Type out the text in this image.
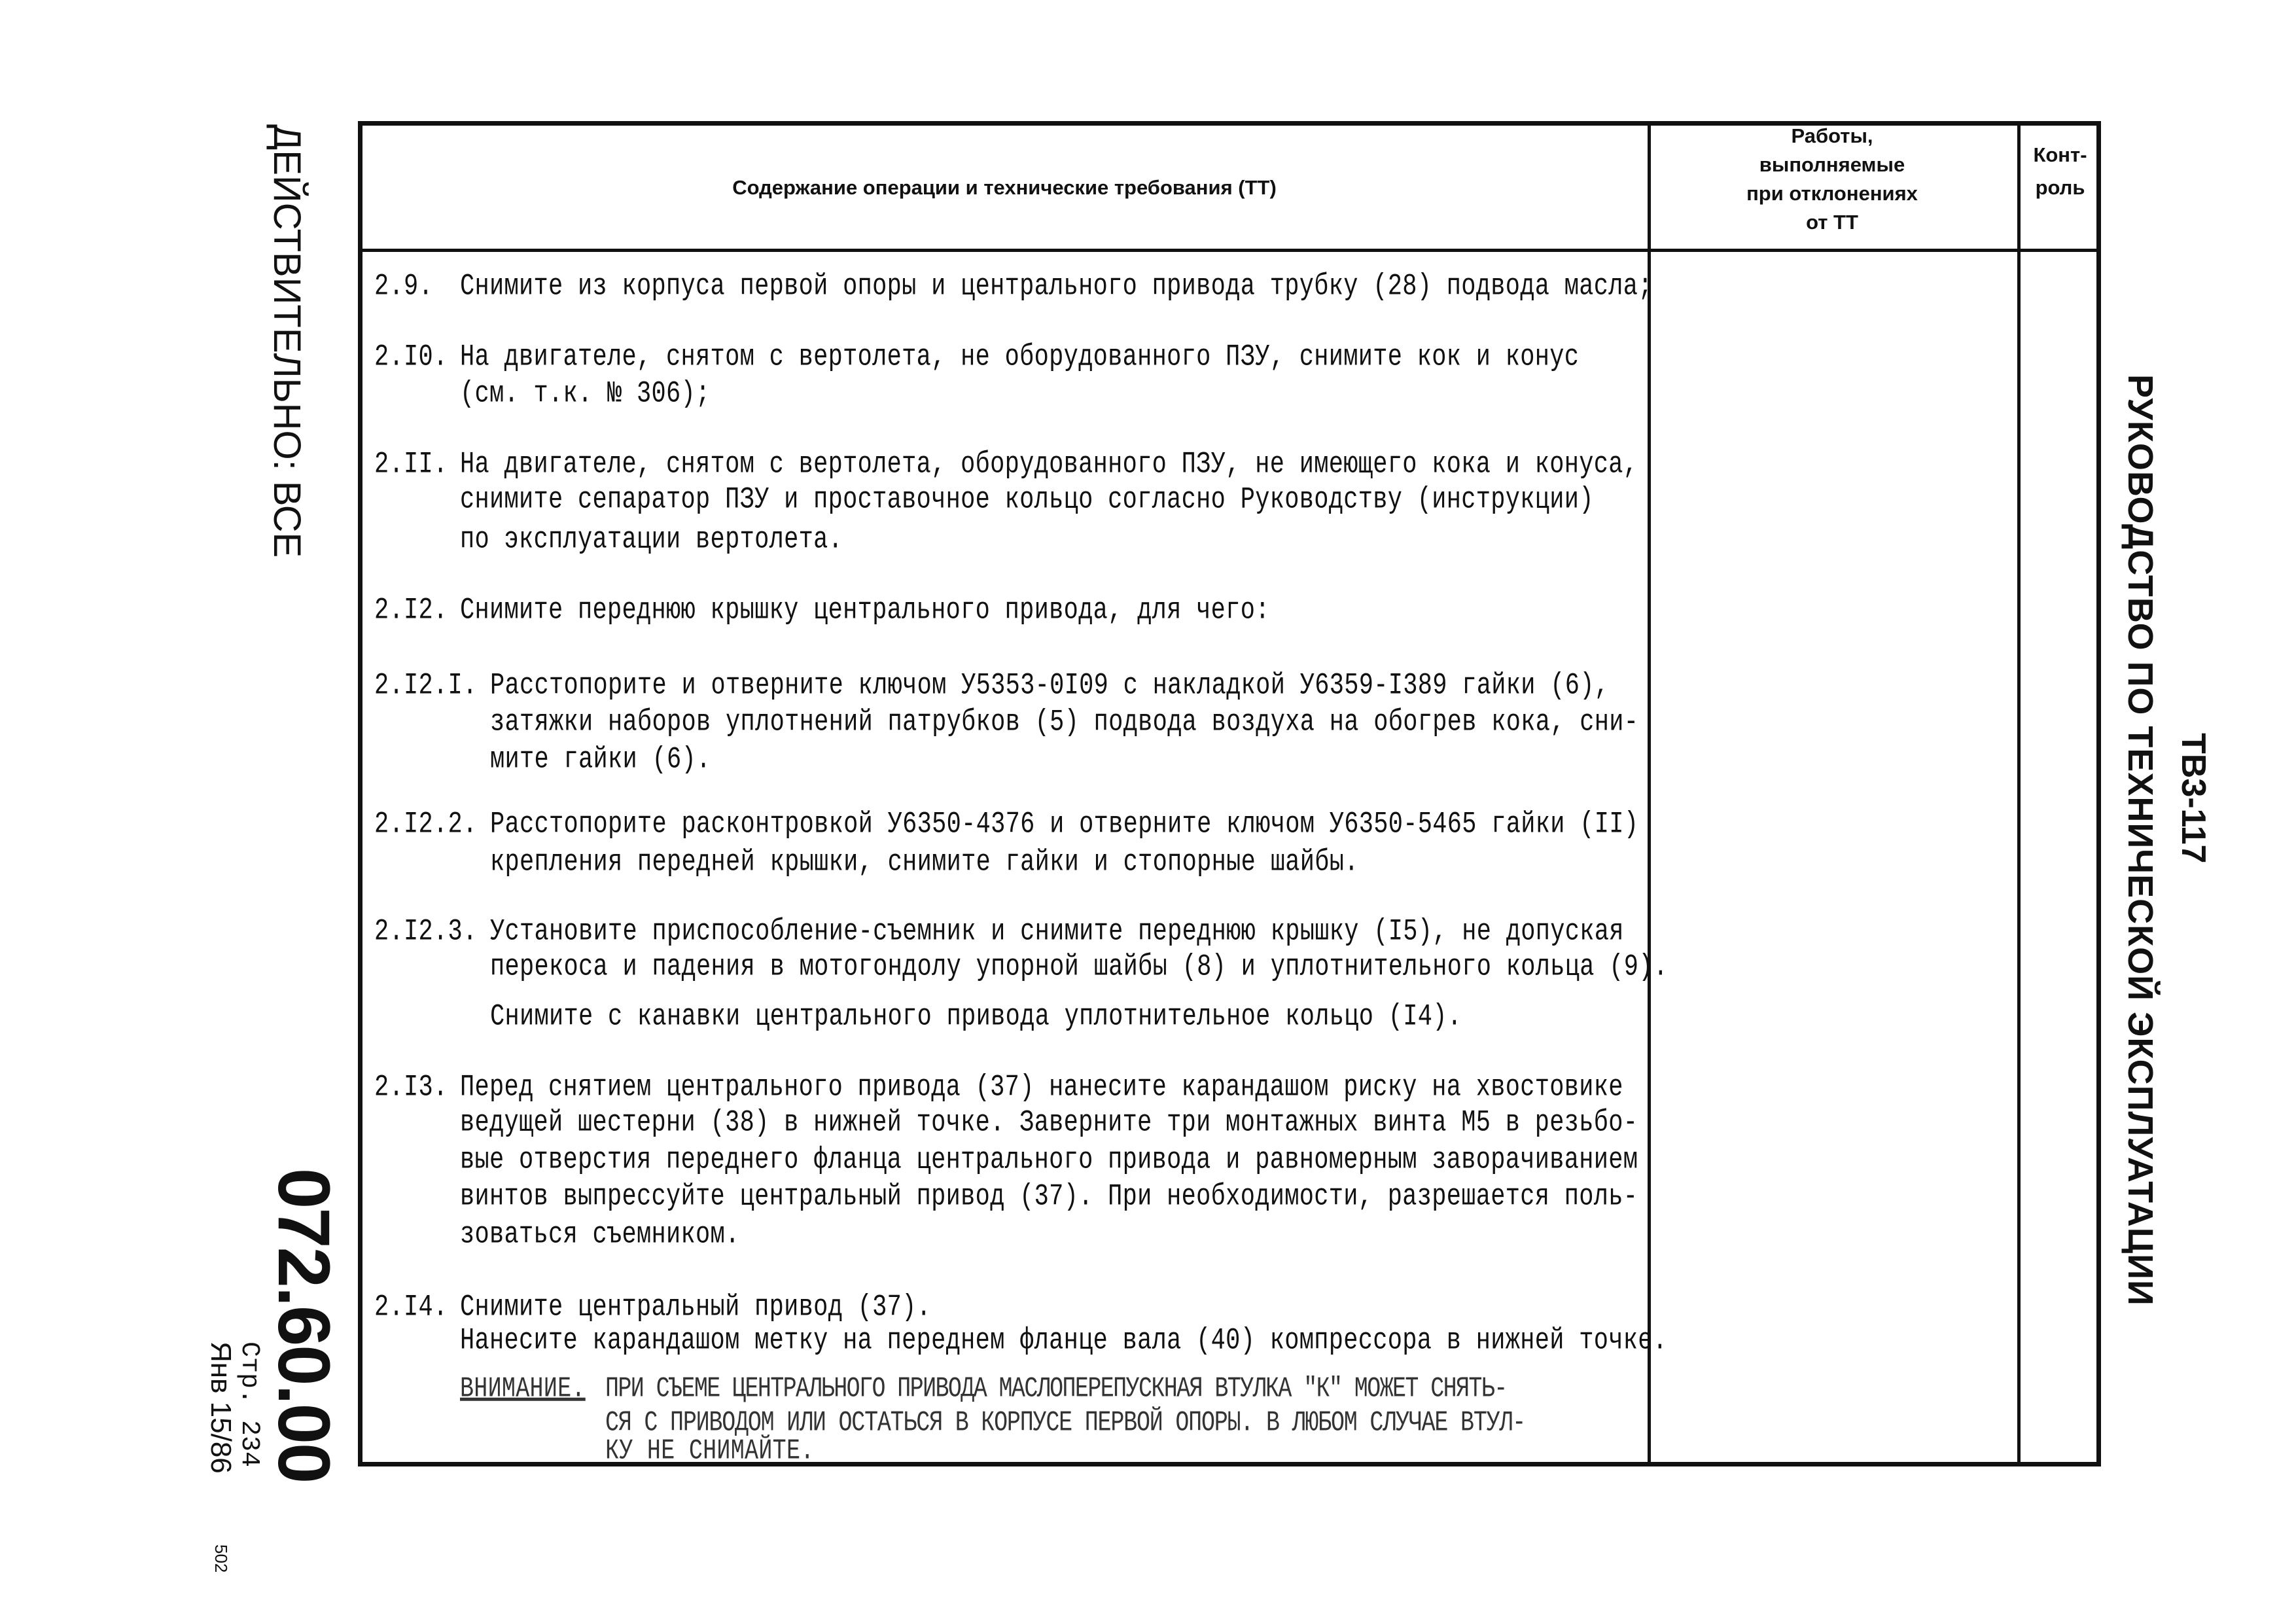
ДЕЙСТВИТЕЛЬНО: ВСЕ
072.60.00
Стр. 234
Янв 15/86
502
ТВ3-117
РУКОВОДСТВО ПО ТЕХНИЧЕСКОЙ ЭКСПЛУАТАЦИИ
Содержание операции и технические требования (ТТ)
Работы,
выполняемые
при отклонениях
от ТТ
Конт-
роль
2.9. Снимите из корпуса первой опоры и центрального привода трубку (28) подвода масла;
2.I0. На двигателе, снятом с вертолета, не оборудованного ПЗУ, снимите кок и конус
(см. т.к. № 306);
2.II. На двигателе, снятом с вертолета, оборудованного ПЗУ, не имеющего кока и конуса,
снимите сепаратор ПЗУ и проставочное кольцо согласно Руководству (инструкции)
по эксплуатации вертолета.
2.I2. Снимите переднюю крышку центрального привода, для чего:
2.I2.I. Расстопорите и отверните ключом У5353-0I09 с накладкой У6359-I389 гайки (6),
затяжки наборов уплотнений патрубков (5) подвода воздуха на обогрев кока, сни-
мите гайки (6).
2.I2.2. Расстопорите расконтровкой У6350-4376 и отверните ключом У6350-5465 гайки (II)
крепления передней крышки, снимите гайки и стопорные шайбы.
2.I2.3. Установите приспособление-съемник и снимите переднюю крышку (I5), не допуская
перекоса и падения в мотогондолу упорной шайбы (8) и уплотнительного кольца (9).
Снимите с канавки центрального привода уплотнительное кольцо (I4).
2.I3. Перед снятием центрального привода (37) нанесите карандашом риску на хвостовике
ведущей шестерни (38) в нижней точке. Заверните три монтажных винта М5 в резьбо-
вые отверстия переднего фланца центрального привода и равномерным заворачиванием
винтов выпрессуйте центральный привод (37). При необходимости, разрешается поль-
зоваться съемником.
2.I4. Снимите центральный привод (37).
Нанесите карандашом метку на переднем фланце вала (40) компрессора в нижней точке.
ВНИМАНИЕ. ПРИ СЪЕМЕ ЦЕНТРАЛЬНОГО ПРИВОДА МАСЛОПЕРЕПУСКНАЯ ВТУЛКА "К" МОЖЕТ СНЯТЬ-
СЯ С ПРИВОДОМ ИЛИ ОСТАТЬСЯ В КОРПУСЕ ПЕРВОЙ ОПОРЫ. В ЛЮБОМ СЛУЧАЕ ВТУЛ-
КУ НЕ СНИМАЙТЕ.
